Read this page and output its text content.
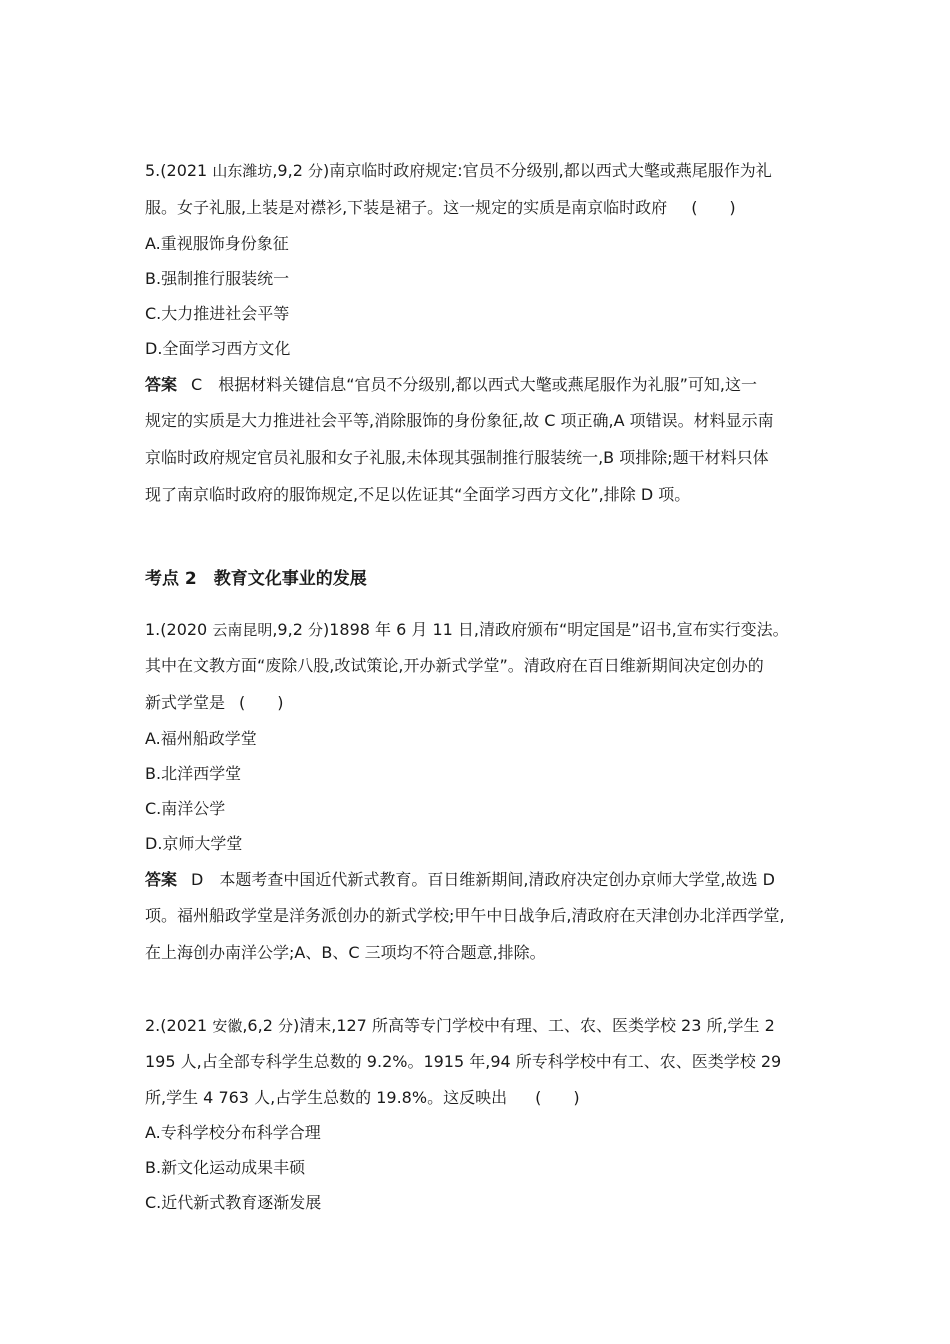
5.(2021 山东潍坊,9,2 分)南京临时政府规定:官员不分级别,都以西式大氅或燕尾服作为礼
服。女子礼服,上装是对襟衫,下装是裙子。这一规定的实质是南京临时政府 (　　)
A.重视服饰身份象征
B.强制推行服装统一
C.大力推进社会平等
D.全面学习西方文化
答案 C　根据材料关键信息“官员不分级别,都以西式大氅或燕尾服作为礼服”可知,这一
规定的实质是大力推进社会平等,消除服饰的身份象征,故 C 项正确,A 项错误。材料显示南
京临时政府规定官员礼服和女子礼服,未体现其强制推行服装统一,B 项排除;题干材料只体
现了南京临时政府的服饰规定,不足以佐证其“全面学习西方文化”,排除 D 项。
考点 2　教育文化事业的发展
1.(2020 云南昆明,9,2 分)1898 年 6 月 11 日,清政府颁布“明定国是”诏书,宣布实行变法。
其中在文教方面“废除八股,改试策论,开办新式学堂”。清政府在百日维新期间决定创办的
新式学堂是 (　　)
A.福州船政学堂
B.北洋西学堂
C.南洋公学
D.京师大学堂
答案 D　本题考查中国近代新式教育。百日维新期间,清政府决定创办京师大学堂,故选 D
项。福州船政学堂是洋务派创办的新式学校;甲午中日战争后,清政府在天津创办北洋西学堂,
在上海创办南洋公学;A、B、C 三项均不符合题意,排除。
2.(2021 安徽,6,2 分)清末,127 所高等专门学校中有理、工、农、医类学校 23 所,学生 2
195 人,占全部专科学生总数的 9.2%。1915 年,94 所专科学校中有工、农、医类学校 29
所,学生 4 763 人,占学生总数的 19.8%。这反映出 (　　)
A.专科学校分布科学合理
B.新文化运动成果丰硕
C.近代新式教育逐渐发展
